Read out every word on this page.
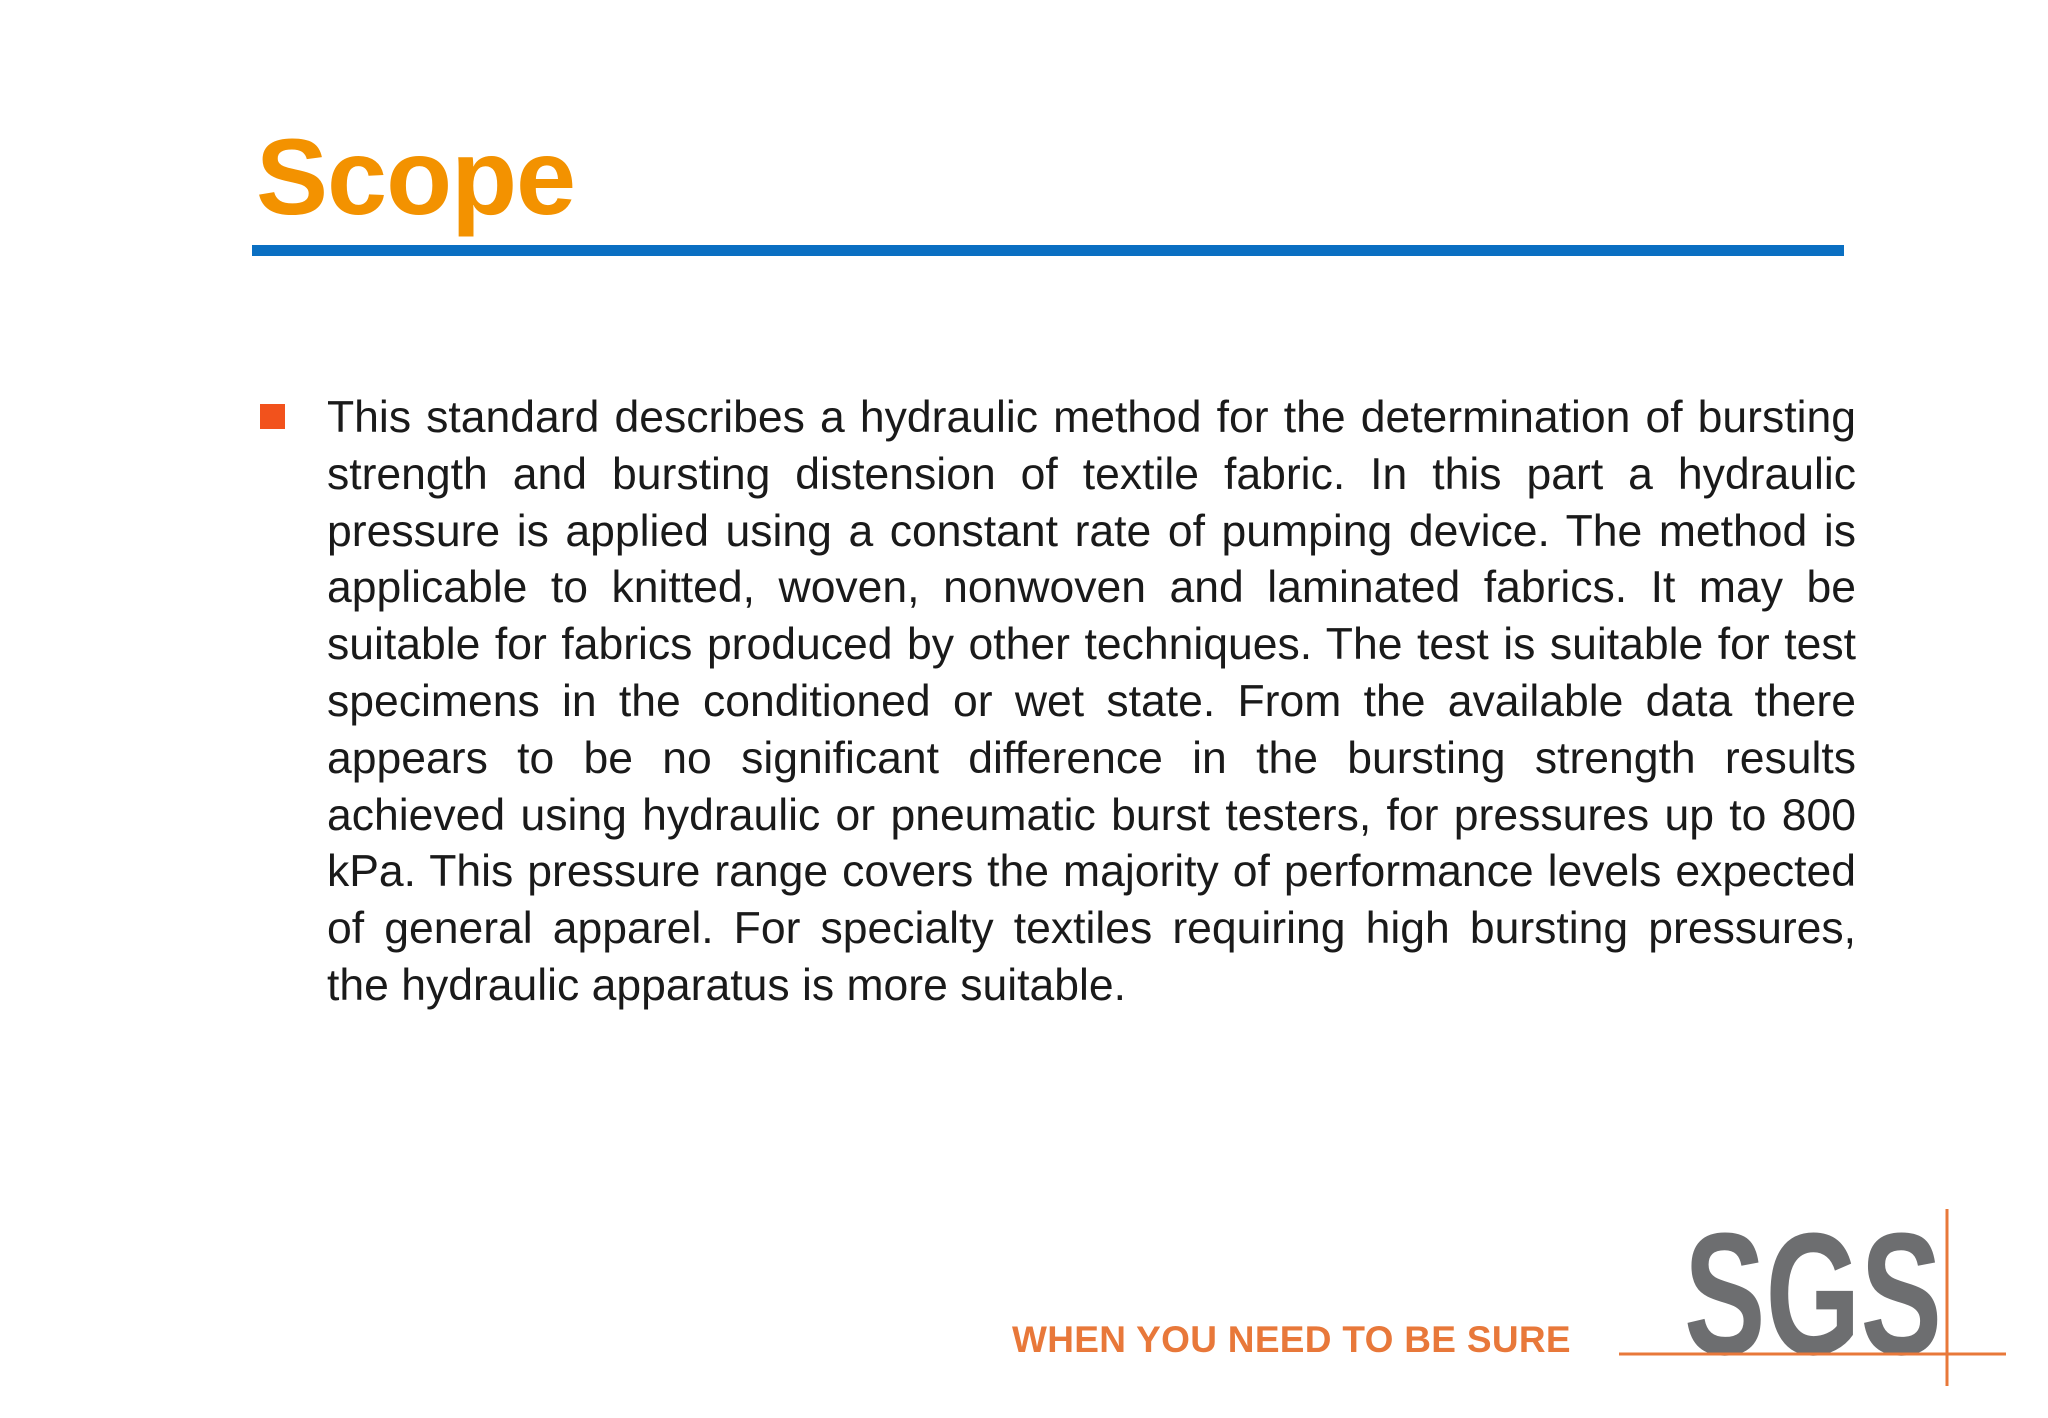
Scope

This standard describes a hydraulic method for the determination of bursting strength and bursting distension of textile fabric. In this part a hydraulic pressure is applied using a constant rate of pumping device. The method is applicable to knitted, woven, nonwoven and laminated fabrics. It may be suitable for fabrics produced by other techniques. The test is suitable for test specimens in the conditioned or wet state. From the available data there appears to be no significant difference in the bursting strength results achieved using hydraulic or pneumatic burst testers, for pressures up to 800 kPa. This pressure range covers the majority of performance levels expected of general apparel. For specialty textiles requiring high bursting pressures, the hydraulic apparatus is more suitable.

WHEN YOU NEED TO BE SURE SGS
